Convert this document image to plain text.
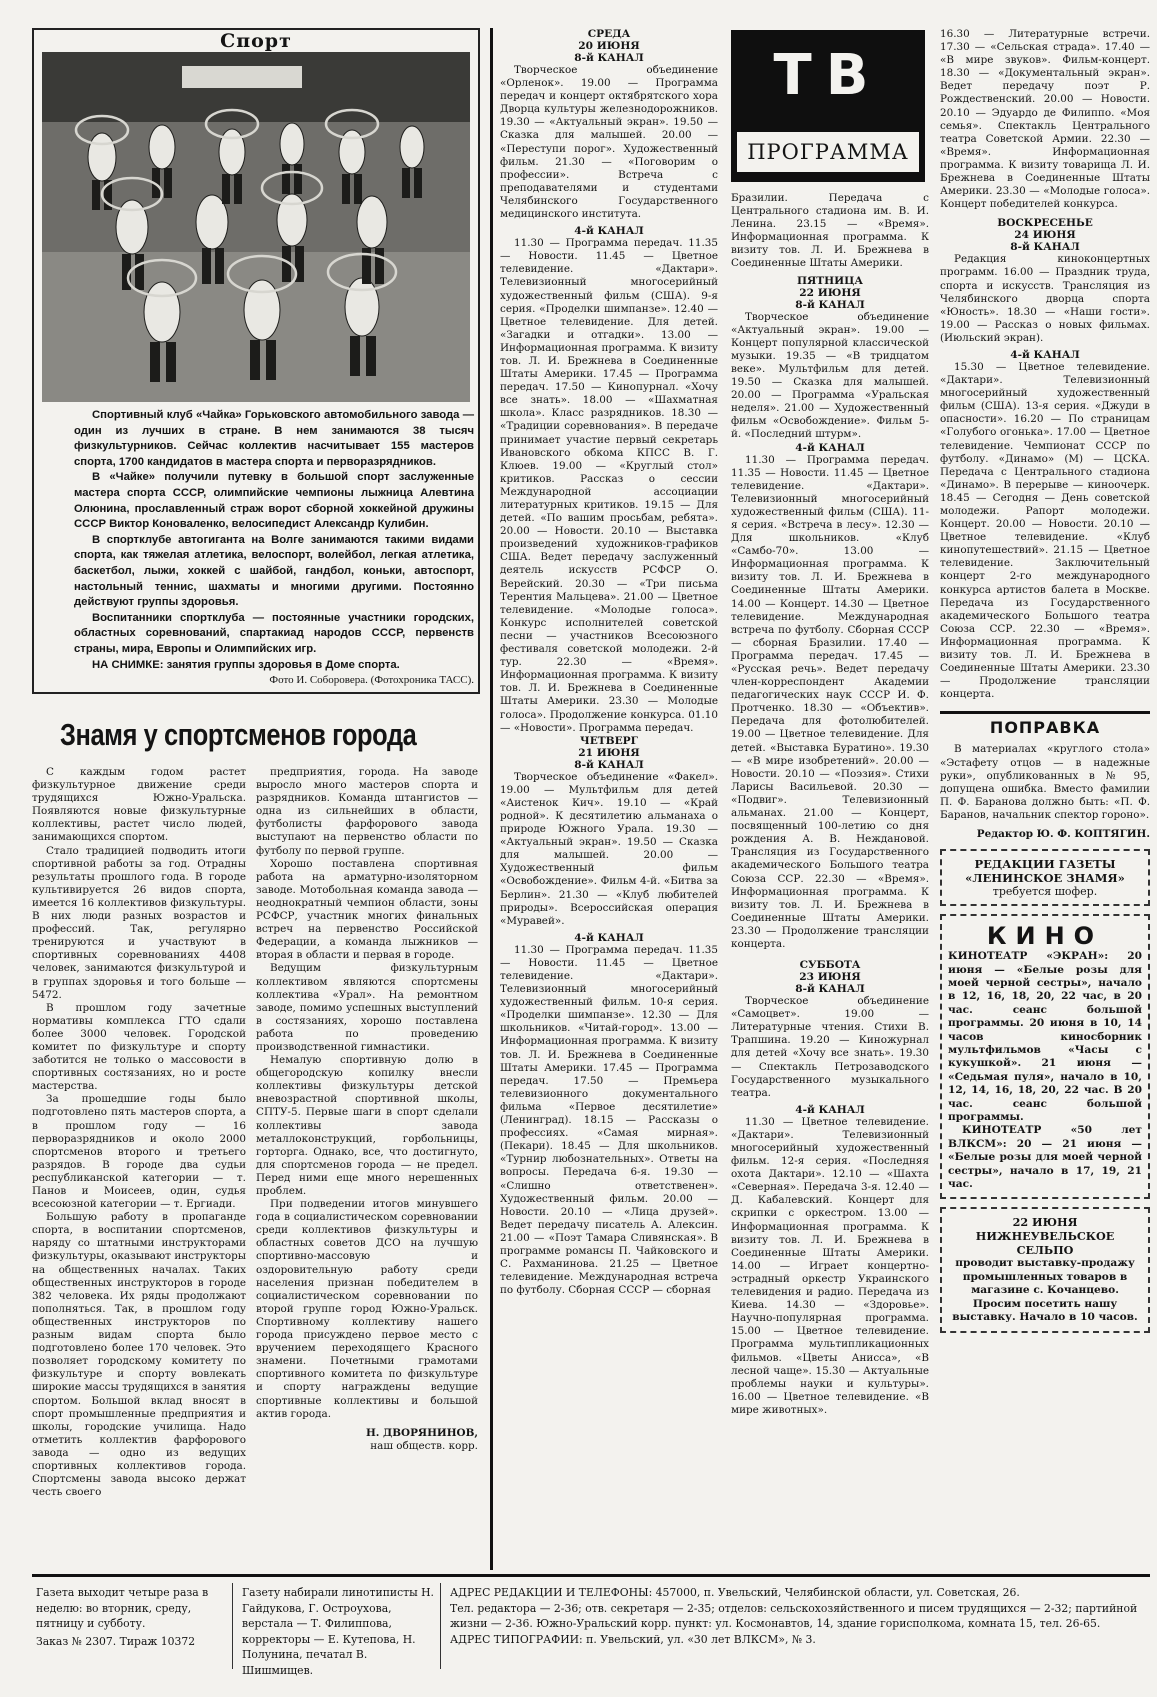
Спорт

Спортивный клуб «Чайка» Горьковского автомобильного завода — один из лучших в стране. В нем занимаются 38 тысяч физкультурников. Сейчас коллектив насчитывает 155 мастеров спорта, 1700 кандидатов в мастера спорта и перворазрядников.

В «Чайке» получили путевку в большой спорт заслуженные мастера спорта СССР, олимпийские чемпионы лыжница Алевтина Олюнина, прославленный страж ворот сборной хоккейной дружины СССР Виктор Коноваленко, велосипедист Александр Кулибин.

В спортклубе автогиганта на Волге занимаются такими видами спорта, как тяжелая атлетика, велоспорт, волейбол, легкая атлетика, баскетбол, лыжи, хоккей с шайбой, гандбол, коньки, автоспорт, настольный теннис, шахматы и многими другими. Постоянно действуют группы здоровья.

Воспитанники спортклуба — постоянные участники городских, областных соревнований, спартакиад народов СССР, первенств страны, мира, Европы и Олимпийских игр.

НА СНИМКЕ: занятия группы здоровья в Доме спорта.

Фото И. Соборовера. (Фотохроника ТАСС).
Знамя у спортсменов города

С каждым годом растет физкультурное движение среди трудящихся Южно-Уральска. Появляются новые физкультурные коллективы, растет число людей, занимающихся спортом.

Стало традицией подводить итоги спортивной работы за год. Отрадны результаты прошлого года. В городе культивируется 26 видов спорта, имеется 16 коллективов физкультуры. В них люди разных возрастов и профессий. Так, регулярно тренируются и участвуют в спортивных соревнованиях 4408 человек, занимаются физкультурой и в группах здоровья и того больше — 5472.

В прошлом году зачетные нормативы комплекса ГТО сдали более 3000 человек. Городской комитет по физкультуре и спорту заботится не только о массовости в спортивных состязаниях, но и росте мастерства.

За прошедшие годы было подготовлено пять мастеров спорта, а в прошлом году — 16 перворазрядников и около 2000 спортсменов второго и третьего разрядов. В городе два судьи республиканской категории — т. Панов и Моисеев, один, судья всесоюзной категории — т. Ергиади.

Большую работу в пропаганде спорта, в воспитании спортсменов, наряду со штатными инструкторами физкультуры, оказывают инструкторы на общественных началах. Таких общественных инструкторов в городе 382 человека. Их ряды продолжают пополняться. Так, в прошлом году общественных инструкторов по разным видам спорта было подготовлено более 170 человек. Это позволяет городскому комитету по физкультуре и спорту вовлекать широкие массы трудящихся в занятия спортом. Большой вклад вносят в спорт промышленные предприятия и школы, городские училища. Надо отметить коллектив фарфорового завода — одно из ведущих спортивных коллективов города. Спортсмены завода высоко держат честь своего

предприятия, города. На заводе выросло много мастеров спорта и разрядников. Команда штангистов — одна из сильнейших в области, футболисты фарфорового завода выступают на первенство области по футболу по первой группе.

Хорошо поставлена спортивная работа на арматурно-изоляторном заводе. Мотобольная команда завода — неоднократный чемпион области, зоны РСФСР, участник многих финальных встреч на первенство Российской Федерации, а команда лыжников — вторая в области и первая в городе.

Ведущим физкультурным коллективом являются спортсмены коллектива «Урал». На ремонтном заводе, помимо успешных выступлений в состязаниях, хорошо поставлена работа по проведению производственной гимнастики.

Немалую спортивную долю в общегородскую копилку внесли коллективы физкультуры детской вневозрастной спортивной школы, СПТУ-5. Первые шаги в спорт сделали коллективы завода металлоконструкций, горбольницы, горторга. Однако, все, что достигнуто, для спортсменов города — не предел. Перед ними еще много нерешенных проблем.

При подведении итогов минувшего года в социалистическом соревновании среди коллективов физкультуры и областных советов ДСО на лучшую спортивно-массовую и оздоровительную работу среди населения признан победителем в социалистическом соревновании по второй группе город Южно-Уральск. Спортивному коллективу нашего города присуждено первое место с вручением переходящего Красного знамени. Почетными грамотами спортивного комитета по физкультуре и спорту награждены ведущие спортивные коллективы и большой актив города.

Н. ДВОРЯНИНОВ,
наш обществ. корр.
СРЕДА
20 ИЮНЯ
8-й КАНАЛ

Творческое объединение «Орленок». 19.00 — Программа передач и концерт октябрятского хора Дворца культуры железнодорожников. 19.30 — «Актуальный экран». 19.50 — Сказка для малышей. 20.00 — «Переступи порог». Художественный фильм. 21.30 — «Поговорим о профессии». Встреча с преподавателями и студентами Челябинского Государственного медицинского института.

4-й КАНАЛ

11.30 — Программа передач. 11.35 — Новости. 11.45 — Цветное телевидение. «Дактари». Телевизионный многосерийный художественный фильм (США). 9-я серия. «Проделки шимпанзе». 12.40 — Цветное телевидение. Для детей. «Загадки и отгадки». 13.00 — Информационная программа. К визиту тов. Л. И. Брежнева в Соединенные Штаты Америки. 17.45 — Программа передач. 17.50 — Кинопурнал. «Хочу все знать». 18.00 — «Шахматная школа». Класс разрядников. 18.30 — «Традиции соревнования». В передаче принимает участие первый секретарь Ивановского обкома КПСС В. Г. Клюев. 19.00 — «Круглый стол» критиков. Рассказ о сессии Международной ассоциации литературных критиков. 19.15 — Для детей. «По вашим просьбам, ребята». 20.00 — Новости. 20.10 — Выставка произведений художников-графиков США. Ведет передачу заслуженный деятель искусств РСФСР О. Верейский. 20.30 — «Три письма Терентия Мальцева». 21.00 — Цветное телевидение. «Молодые голоса». Конкурс исполнителей советской песни — участников Всесоюзного фестиваля советской молодежи. 2-й тур. 22.30 — «Время». Информационная программа. К визиту тов. Л. И. Брежнева в Соединенные Штаты Америки. 23.30 — Молодые голоса». Продолжение конкурса. 01.10 — «Новости». Программа передач.

ЧЕТВЕРГ
21 ИЮНЯ
8-й КАНАЛ

Творческое объединение «Факел». 19.00 — Мультфильм для детей «Аистенок Кич». 19.10 — «Край родной». К десятилетию альманаха о природе Южного Урала. 19.30 — «Актуальный экран». 19.50 — Сказка для малышей. 20.00 — Художественный фильм «Освобождение». Фильм 4-й. «Битва за Берлин». 21.30 — «Клуб любителей природы». Всероссийская операция «Муравей».

4-й КАНАЛ

11.30 — Программа передач. 11.35 — Новости. 11.45 — Цветное телевидение. «Дактари». Телевизионный многосерийный художественный фильм. 10-я серия. «Проделки шимпанзе». 12.30 — Для школьников. «Читай-город». 13.00 — Информационная программа. К визиту тов. Л. И. Брежнева в Соединенные Штаты Америки. 17.45 — Программа передач. 17.50 — Премьера телевизионного документального фильма «Первое десятилетие» (Ленинград). 18.15 — Рассказы о профессиях. «Самая мирная». (Пекари). 18.45 — Для школьников. «Турнир любознательных». Ответы на вопросы. Передача 6-я. 19.30 — «Слишно ответственен». Художественный фильм. 20.00 — Новости. 20.10 — «Лица друзей». Ведет передачу писатель А. Алексин. 21.00 — «Поэт Тамара Сливянская». В программе романсы П. Чайковского и С. Рахманинова. 21.25 — Цветное телевидение. Международная встреча по футболу. Сборная СССР — сборная

ТВ
ПРОГРАММА

Бразилии. Передача с Центрального стадиона им. В. И. Ленина. 23.15 — «Время». Информационная программа. К визиту тов. Л. И. Брежнева в Соединенные Штаты Америки.

ПЯТНИЦА
22 ИЮНЯ
8-й КАНАЛ

Творческое объединение «Актуальный экран». 19.00 — Концерт популярной классической музыки. 19.35 — «В тридцатом веке». Мультфильм для детей. 19.50 — Сказка для малышей. 20.00 — Программа «Уральская неделя». 21.00 — Художественный фильм «Освобождение». Фильм 5-й. «Последний штурм».

4-й КАНАЛ

11.30 — Программа передач. 11.35 — Новости. 11.45 — Цветное телевидение. «Дактари». Телевизионный многосерийный художественный фильм (США). 11-я серия. «Встреча в лесу». 12.30 — Для школьников. «Клуб «Самбо-70». 13.00 — Информационная программа. К визиту тов. Л. И. Брежнева в Соединенные Штаты Америки. 14.00 — Концерт. 14.30 — Цветное телевидение. Международная встреча по футболу. Сборная СССР — сборная Бразилии. 17.40 — Программа передач. 17.45 — «Русская речь». Ведет передачу член-корреспондент Академии педагогических наук СССР И. Ф. Протченко. 18.30 — «Объектив». Передача для фотолюбителей. 19.00 — Цветное телевидение. Для детей. «Выставка Буратино». 19.30 — «В мире изобретений». 20.00 — Новости. 20.10 — «Поэзия». Стихи Ларисы Васильевой. 20.30 — «Подвиг». Телевизионный альманах. 21.00 — Концерт, посвященный 100-летию со дня рождения А. В. Неждановой. Трансляция из Государственного академического Большого театра Союза ССР. 22.30 — «Время». Информационная программа. К визиту тов. Л. И. Брежнева в Соединенные Штаты Америки. 23.30 — Продолжение трансляции концерта.

СУББОТА
23 ИЮНЯ
8-й КАНАЛ

Творческое объединение «Самоцвет». 19.00 — Литературные чтения. Стихи В. Трапшина. 19.20 — Киножурнал для детей «Хочу все знать». 19.30 — Спектакль Петрозаводского Государственного музыкального театра.

4-й КАНАЛ

11.30 — Цветное телевидение. «Дактари». Телевизионный многосерийный художественный фильм. 12-я серия. «Последняя охота Дактари». 12.10 — «Шахта «Северная». Передача 3-я. 12.40 — Д. Кабалевский. Концерт для скрипки с оркестром. 13.00 — Информационная программа. К визиту тов. Л. И. Брежнева в Соединенные Штаты Америки. 14.00 — Играет концертно-эстрадный оркестр Украинского телевидения и радио. Передача из Киева. 14.30 — «Здоровье». Научно-популярная программа. 15.00 — Цветное телевидение. Программа мультипликационных фильмов. «Цветы Анисса», «В лесной чаще». 15.30 — Актуальные проблемы науки и культуры». 16.00 — Цветное телевидение. «В мире животных».

16.30 — Литературные встречи. 17.30 — «Сельская страда». 17.40 — «В мире звуков». Фильм-концерт. 18.30 — «Документальный экран». Ведет передачу поэт Р. Рождественский. 20.00 — Новости. 20.10 — Эдуардо де Филиппо. «Моя семья». Спектакль Центрального театра Советской Армии. 22.30 — «Время». Информационная программа. К визиту товарища Л. И. Брежнева в Соединенные Штаты Америки. 23.30 — «Молодые голоса». Концерт победителей конкурса.

ВОСКРЕСЕНЬЕ
24 ИЮНЯ
8-й КАНАЛ

Редакция киноконцертных программ. 16.00 — Праздник труда, спорта и искусств. Трансляция из Челябинского дворца спорта «Юность». 18.30 — «Наши гости». 19.00 — Рассказ о новых фильмах. (Июльский экран).

4-й КАНАЛ

15.30 — Цветное телевидение. «Дактари». Телевизионный многосерийный художественный фильм (США). 13-я серия. «Джуди в опасности». 16.20 — По страницам «Голубого огонька». 17.00 — Цветное телевидение. Чемпионат СССР по футболу. «Динамо» (М) — ЦСКА. Передача с Центрального стадиона «Динамо». В перерыве — киноочерк. 18.45 — Сегодня — День советской молодежи. Рапорт молодежи. Концерт. 20.00 — Новости. 20.10 — Цветное телевидение. «Клуб кинопутешествий». 21.15 — Цветное телевидение. Заключительный концерт 2-го международного конкурса артистов балета в Москве. Передача из Государственного академического Большого театра Союза ССР. 22.30 — «Время». Информационная программа. К визиту тов. Л. И. Брежнева в Соединенные Штаты Америки. 23.30 — Продолжение трансляции концерта.

ПОПРАВКА

В материалах «круглого стола» «Эстафету отцов — в надежные руки», опубликованных в № 95, допущена ошибка. Вместо фамилии П. Ф. Баранова должно быть: «П. Ф. Баранов, начальник спектор гороно».

Редактор Ю. Ф. КОПТЯГИН.
РЕДАКЦИИ ГАЗЕТЫ «ЛЕНИНСКОЕ ЗНАМЯ»
требуется шофер.
КИНО

КИНОТЕАТР «ЭКРАН»: 20 июня — «Белые розы для моей черной сестры», начало в 12, 16, 18, 20, 22 час, в 20 час. сеанс большой программы. 20 июня в 10, 14 часов киносборник мультфильмов «Часы с кукушкой». 21 июня — «Седьмая пуля», начало в 10, 12, 14, 16, 18, 20, 22 час. В 20 час. сеанс большой программы.

КИНОТЕАТР «50 лет ВЛКСМ»: 20 — 21 июня — «Белые розы для моей черной сестры», начало в 17, 19, 21 час.

22 ИЮНЯ НИЖНЕУВЕЛЬСКОЕ СЕЛЬПО
проводит выставку-продажу промышленных товаров в магазине с. Кочанцево. Просим посетить нашу выставку. Начало в 10 часов.
Газета выходит четыре раза в неделю: во вторник, среду, пятницу и субботу.
Заказ № 2307. Тираж 10372
Газету набирали линотиписты Н. Гайдукова, Г. Остроухова, верстала — Т. Филиппова, корректоры — Е. Кутепова, Н. Полунина, печатал В. Шишмищев.
АДРЕС РЕДАКЦИИ И ТЕЛЕФОНЫ: 457000, п. Увельский, Челябинской области, ул. Советская, 26.
Тел. редактора — 2-36; отв. секретаря — 2-35; отделов: сельскохозяйственного и писем трудящихся — 2-32; партийной жизни — 2-36. Южно-Уральский корр. пункт: ул. Космонавтов, 14, здание горисполкома, комната 15, тел. 26-65.
АДРЕС ТИПОГРАФИИ: п. Увельский, ул. «30 лет ВЛКСМ», № 3.
